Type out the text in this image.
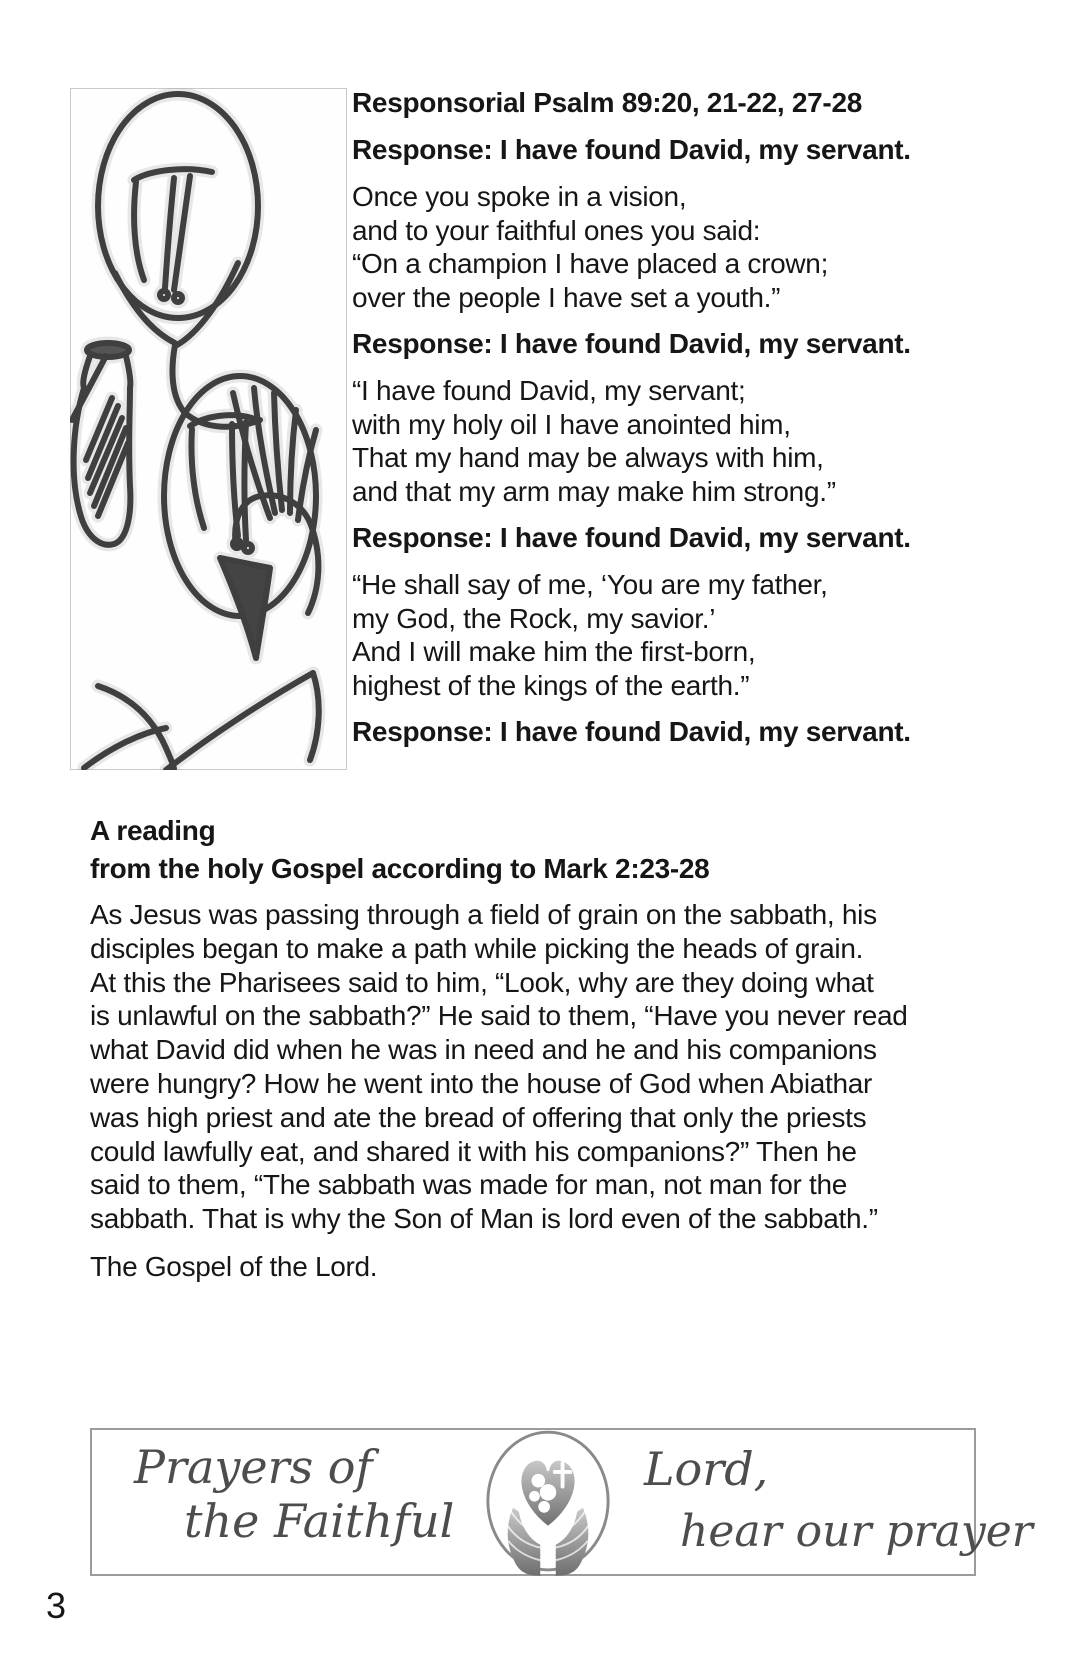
Responsorial Psalm 89:20, 21-22, 27-28

Response: I have found David, my servant.

Once you spoke in a vision,
and to your faithful ones you said:
“On a champion I have placed a crown;
over the people I have set a youth.”

Response: I have found David, my servant.

“I have found David, my servant;
with my holy oil I have anointed him,
That my hand may be always with him,
and that my arm may make him strong.”

Response: I have found David, my servant.

“He shall say of me, ‘You are my father,
my God, the Rock, my savior.’
And I will make him the first-born,
highest of the kings of the earth.”

Response: I have found David, my servant.

A reading
from the holy Gospel according to Mark 2:23-28
As Jesus was passing through a field of grain on the sabbath, his
disciples began to make a path while picking the heads of grain.
At this the Pharisees said to him, “Look, why are they doing what
is unlawful on the sabbath?” He said to them, “Have you never read
what David did when he was in need and he and his companions
were hungry? How he went into the house of God when Abiathar
was high priest and ate the bread of offering that only the priests
could lawfully eat, and shared it with his companions?” Then he
said to them, “The sabbath was made for man, not man for the
sabbath. That is why the Son of Man is lord even of the sabbath.”

The Gospel of the Lord.

Prayers of
the Faithful
Lord,
hear our prayer
3
